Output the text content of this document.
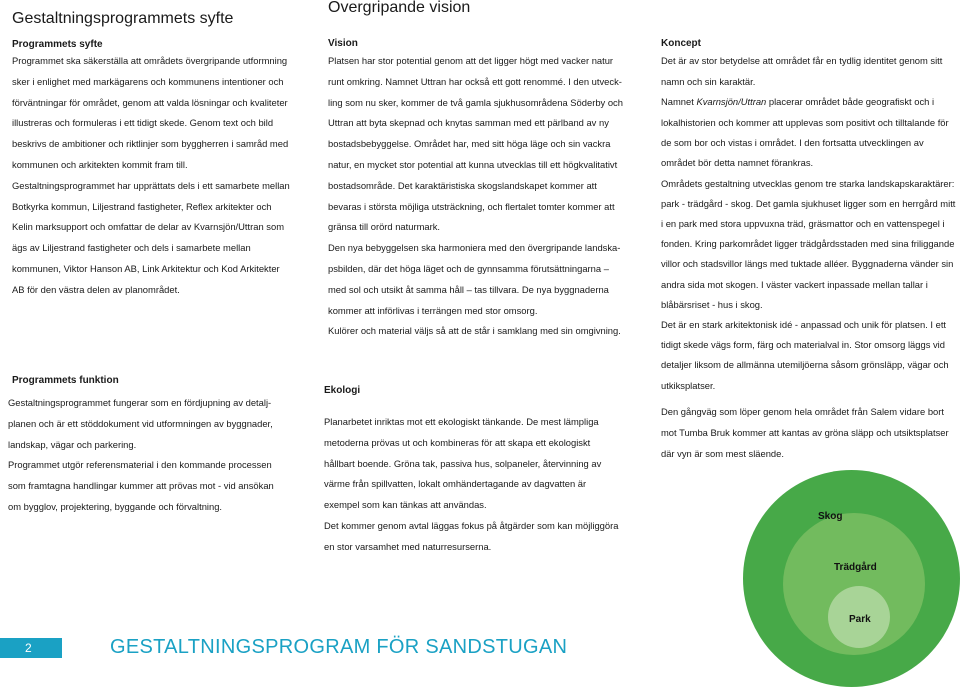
Gestaltningsprogrammets syfte
Programmets syfte

Programmet ska säkerställa att områdets övergripande utformning
sker i enlighet med markägarens och kommunens intentioner och
förväntningar för området, genom att valda lösningar och kvaliteter
illustreras och formuleras i ett tidigt skede. Genom text och bild
beskrivs de ambitioner och riktlinjer som byggherren i samråd med
kommunen och arkitekten kommit fram till.
Gestaltningsprogrammet har upprättats dels i ett samarbete mellan
Botkyrka kommun, Liljestrand fastigheter, Reflex arkitekter och
Kelin marksupport och omfattar de delar av Kvarnsjön/Uttran som
ägs av Liljestrand fastigheter och dels i samarbete mellan
kommunen, Viktor Hanson AB, Link Arkitektur och Kod Arkitekter
AB för den västra delen av planområdet.

Programmets funktion

Gestaltningsprogrammet fungerar som en fördjupning av detalj-
planen och är ett stöddokument vid utformningen av byggnader,
landskap, vägar och parkering.
Programmet utgör referensmaterial i den kommande processen
som framtagna handlingar kummer att prövas mot - vid ansökan
om bygglov, projektering, byggande och förvaltning.

Övergripande vision
Vision

Platsen har stor potential genom att det ligger högt med vacker natur
runt omkring. Namnet Uttran har också ett gott renommé. I den utveck-
ling som nu sker, kommer de två gamla sjukhusområdena Söderby och
Uttran att byta skepnad och knytas samman med ett pärlband av ny
bostadsbebyggelse. Området har, med sitt höga läge och sin vackra
natur, en mycket stor potential att kunna utvecklas till ett högkvalitativt
bostadsområde. Det karaktäristiska skogslandskapet kommer att
bevaras i största möjliga utsträckning, och flertalet tomter kommer att
gränsa till orörd naturmark.
Den nya bebyggelsen ska harmoniera med den övergripande landska-
psbilden, där det höga läget och de gynnsamma förutsättningarna –
med sol och utsikt åt samma håll – tas tillvara. De nya byggnaderna
kommer att införlivas i terrängen med stor omsorg.
Kulörer och material väljs så att de står i samklang med sin omgivning.

Ekologi

Planarbetet inriktas mot ett ekologiskt tänkande. De mest lämpliga
metoderna prövas ut och kombineras för att skapa ett ekologiskt
hållbart boende. Gröna tak, passiva hus, solpaneler, återvinning av
värme från spillvatten, lokalt omhändertagande av dagvatten är
exempel som kan tänkas att användas.
Det kommer genom avtal läggas fokus på åtgärder som kan möjliggöra
en stor varsamhet med naturresurserna.

Koncept

Det är av stor betydelse att området får en tydlig identitet genom sitt
namn och sin karaktär.

Namnet Kvarnsjön/Uttran placerar området både geografiskt och i

lokalhistorien och kommer att upplevas som positivt och tilltalande för
de som bor och vistas i området. I den fortsatta utvecklingen av
området bör detta namnet förankras.
Områdets gestaltning utvecklas genom tre starka landskapskaraktärer:
park - trädgård - skog. Det gamla sjukhuset ligger som en herrgård mitt
i en park med stora uppvuxna träd, gräsmattor och en vattenspegel i
fonden. Kring parkområdet ligger trädgårdsstaden med sina friliggande
villor och stadsvillor längs med tuktade alléer. Byggnaderna vänder sin
andra sida mot skogen. I väster vackert inpassade mellan tallar i
blåbärsriset - hus i skog.
Det är en stark arkitektonisk idé - anpassad och unik för platsen. I ett
tidigt skede vägs form, färg och materialval in. Stor omsorg läggs vid
detaljer liksom de allmänna utemiljöerna såsom grönsläpp, vägar och
utkiksplatser.

Den gångväg som löper genom hela området från Salem vidare bort
mot Tumba Bruk kommer att kantas av gröna släpp och utsiktsplatser
där vyn är som mest släende.

Skog
Trädgård
Park
2	GESTALTNINGSPROGRAM FÖR SANDSTUGAN
